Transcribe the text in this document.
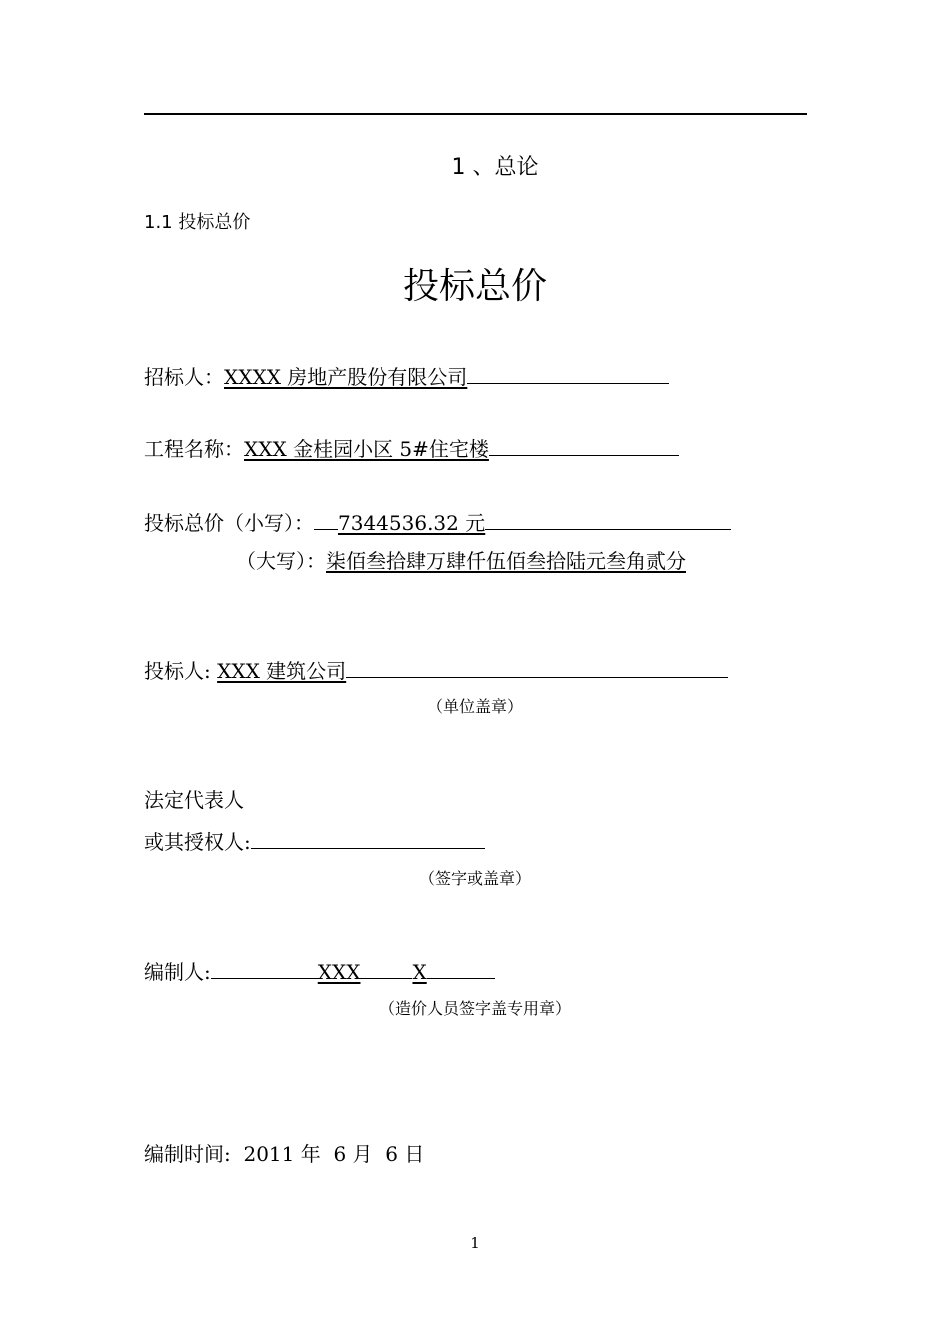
1 、总论
1.1 投标总价
投标总价
招标人：XXXX 房地产股份有限公司
工程名称：XXX 金桂园小区 5#住宅楼
投标总价（小写）： 7344536.32 元
（大写）：柒佰叁拾肆万肆仟伍佰叁拾陆元叁角贰分
投标人: XXX 建筑公司
（单位盖章）
法定代表人
或其授权人:
（签字或盖章）
编制人:	XXX	X
（造价人员签字盖专用章）
编制时间: 2011 年  6 月  6 日
1
